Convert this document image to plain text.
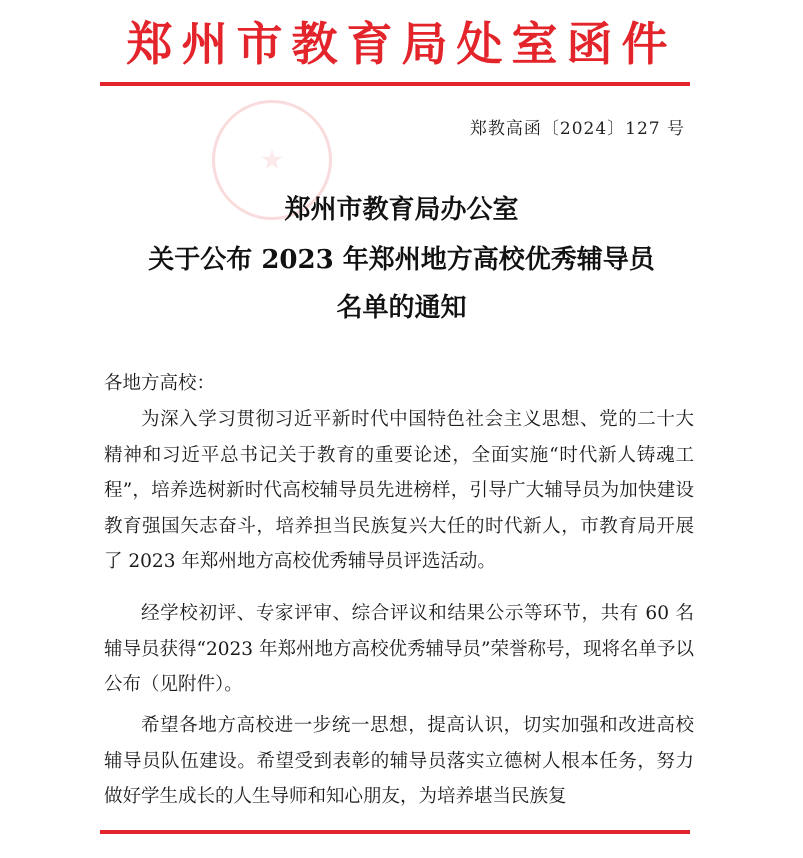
郑州市教育局处室函件
郑教高函〔2024〕127 号
郑州市教育局办公室
关于公布 2023 年郑州地方高校优秀辅导员
名单的通知
各地方高校：
为深入学习贯彻习近平新时代中国特色社会主义思想、党的二十大精神和习近平总书记关于教育的重要论述，全面实施“时代新人铸魂工程”，培养选树新时代高校辅导员先进榜样，引导广大辅导员为加快建设教育强国矢志奋斗，培养担当民族复兴大任的时代新人，市教育局开展了 2023 年郑州地方高校优秀辅导员评选活动。
经学校初评、专家评审、综合评议和结果公示等环节，共有 60 名辅导员获得“2023 年郑州地方高校优秀辅导员”荣誉称号，现将名单予以公布（见附件）。
希望各地方高校进一步统一思想，提高认识，切实加强和改进高校辅导员队伍建设。希望受到表彰的辅导员落实立德树人根本任务，努力做好学生成长的人生导师和知心朋友，为培养堪当民族复
